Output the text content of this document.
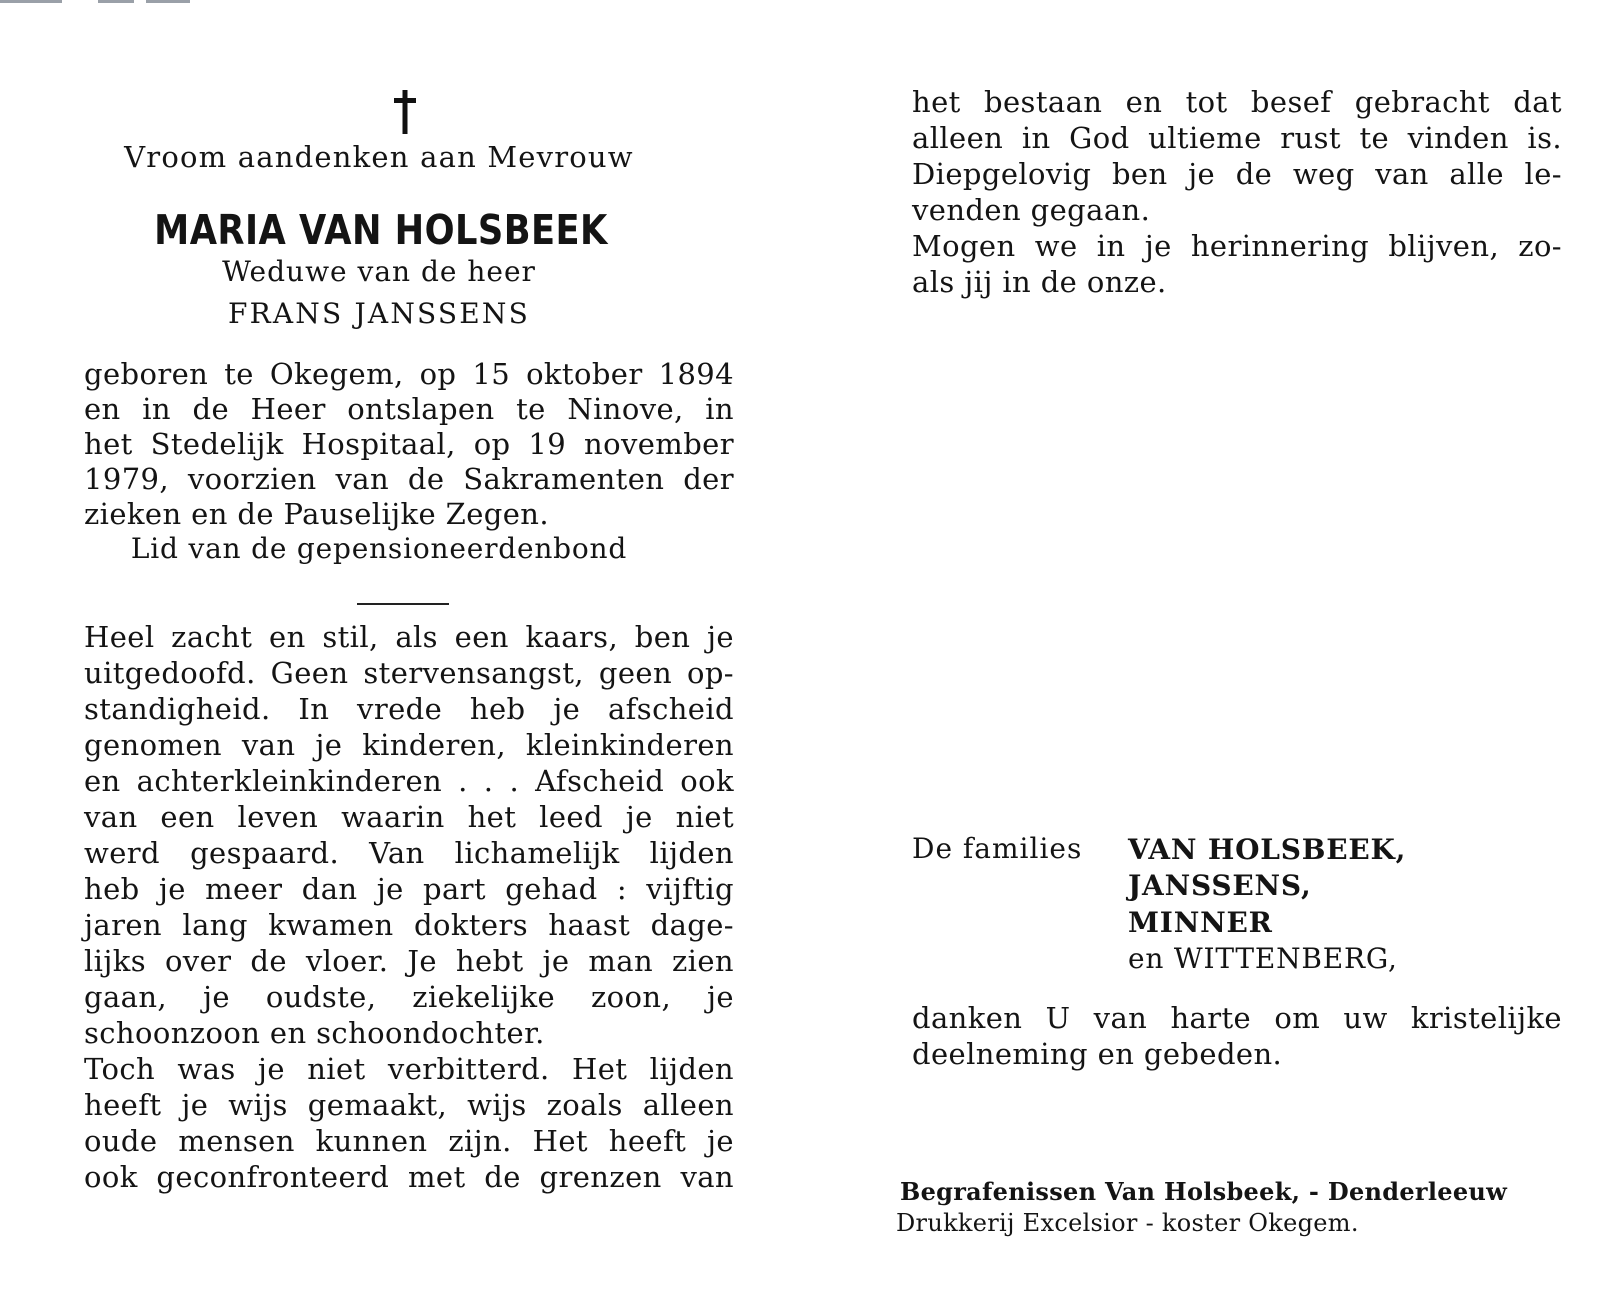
Vroom aandenken aan Mevrouw

MARIA VAN HOLSBEEK

Weduwe van de heer

FRANS JANSSENS

geboren te Okegem, op 15 oktober 1894

en in de Heer ontslapen te Ninove, in

het Stedelijk Hospitaal, op 19 november

1979, voorzien van de Sakramenten der

zieken en de Pauselijke Zegen.

Lid van de gepensioneerdenbond

Heel zacht en stil, als een kaars, ben je

uitgedoofd. Geen stervensangst, geen op-

standigheid. In vrede heb je afscheid

genomen van je kinderen, kleinkinderen

en achterkleinkinderen . . . Afscheid ook

van een leven waarin het leed je niet

werd gespaard. Van lichamelijk lijden

heb je meer dan je part gehad : vijftig

jaren lang kwamen dokters haast dage-

lijks over de vloer. Je hebt je man zien

gaan, je oudste, ziekelijke zoon, je

schoonzoon en schoondochter.

Toch was je niet verbitterd. Het lijden

heeft je wijs gemaakt, wijs zoals alleen

oude mensen kunnen zijn. Het heeft je

ook geconfronteerd met de grenzen van

het bestaan en tot besef gebracht dat

alleen in God ultieme rust te vinden is.

Diepgelovig ben je de weg van alle le-

venden gegaan.

Mogen we in je herinnering blijven, zo-

als jij in de onze.

De families VAN HOLSBEEK,
JANSSENS,
MINNER
en WITTENBERG,

danken U van harte om uw kristelijke

deelneming en gebeden.

Begrafenissen Van Holsbeek, - Denderleeuw
Drukkerij Excelsior - koster Okegem.
